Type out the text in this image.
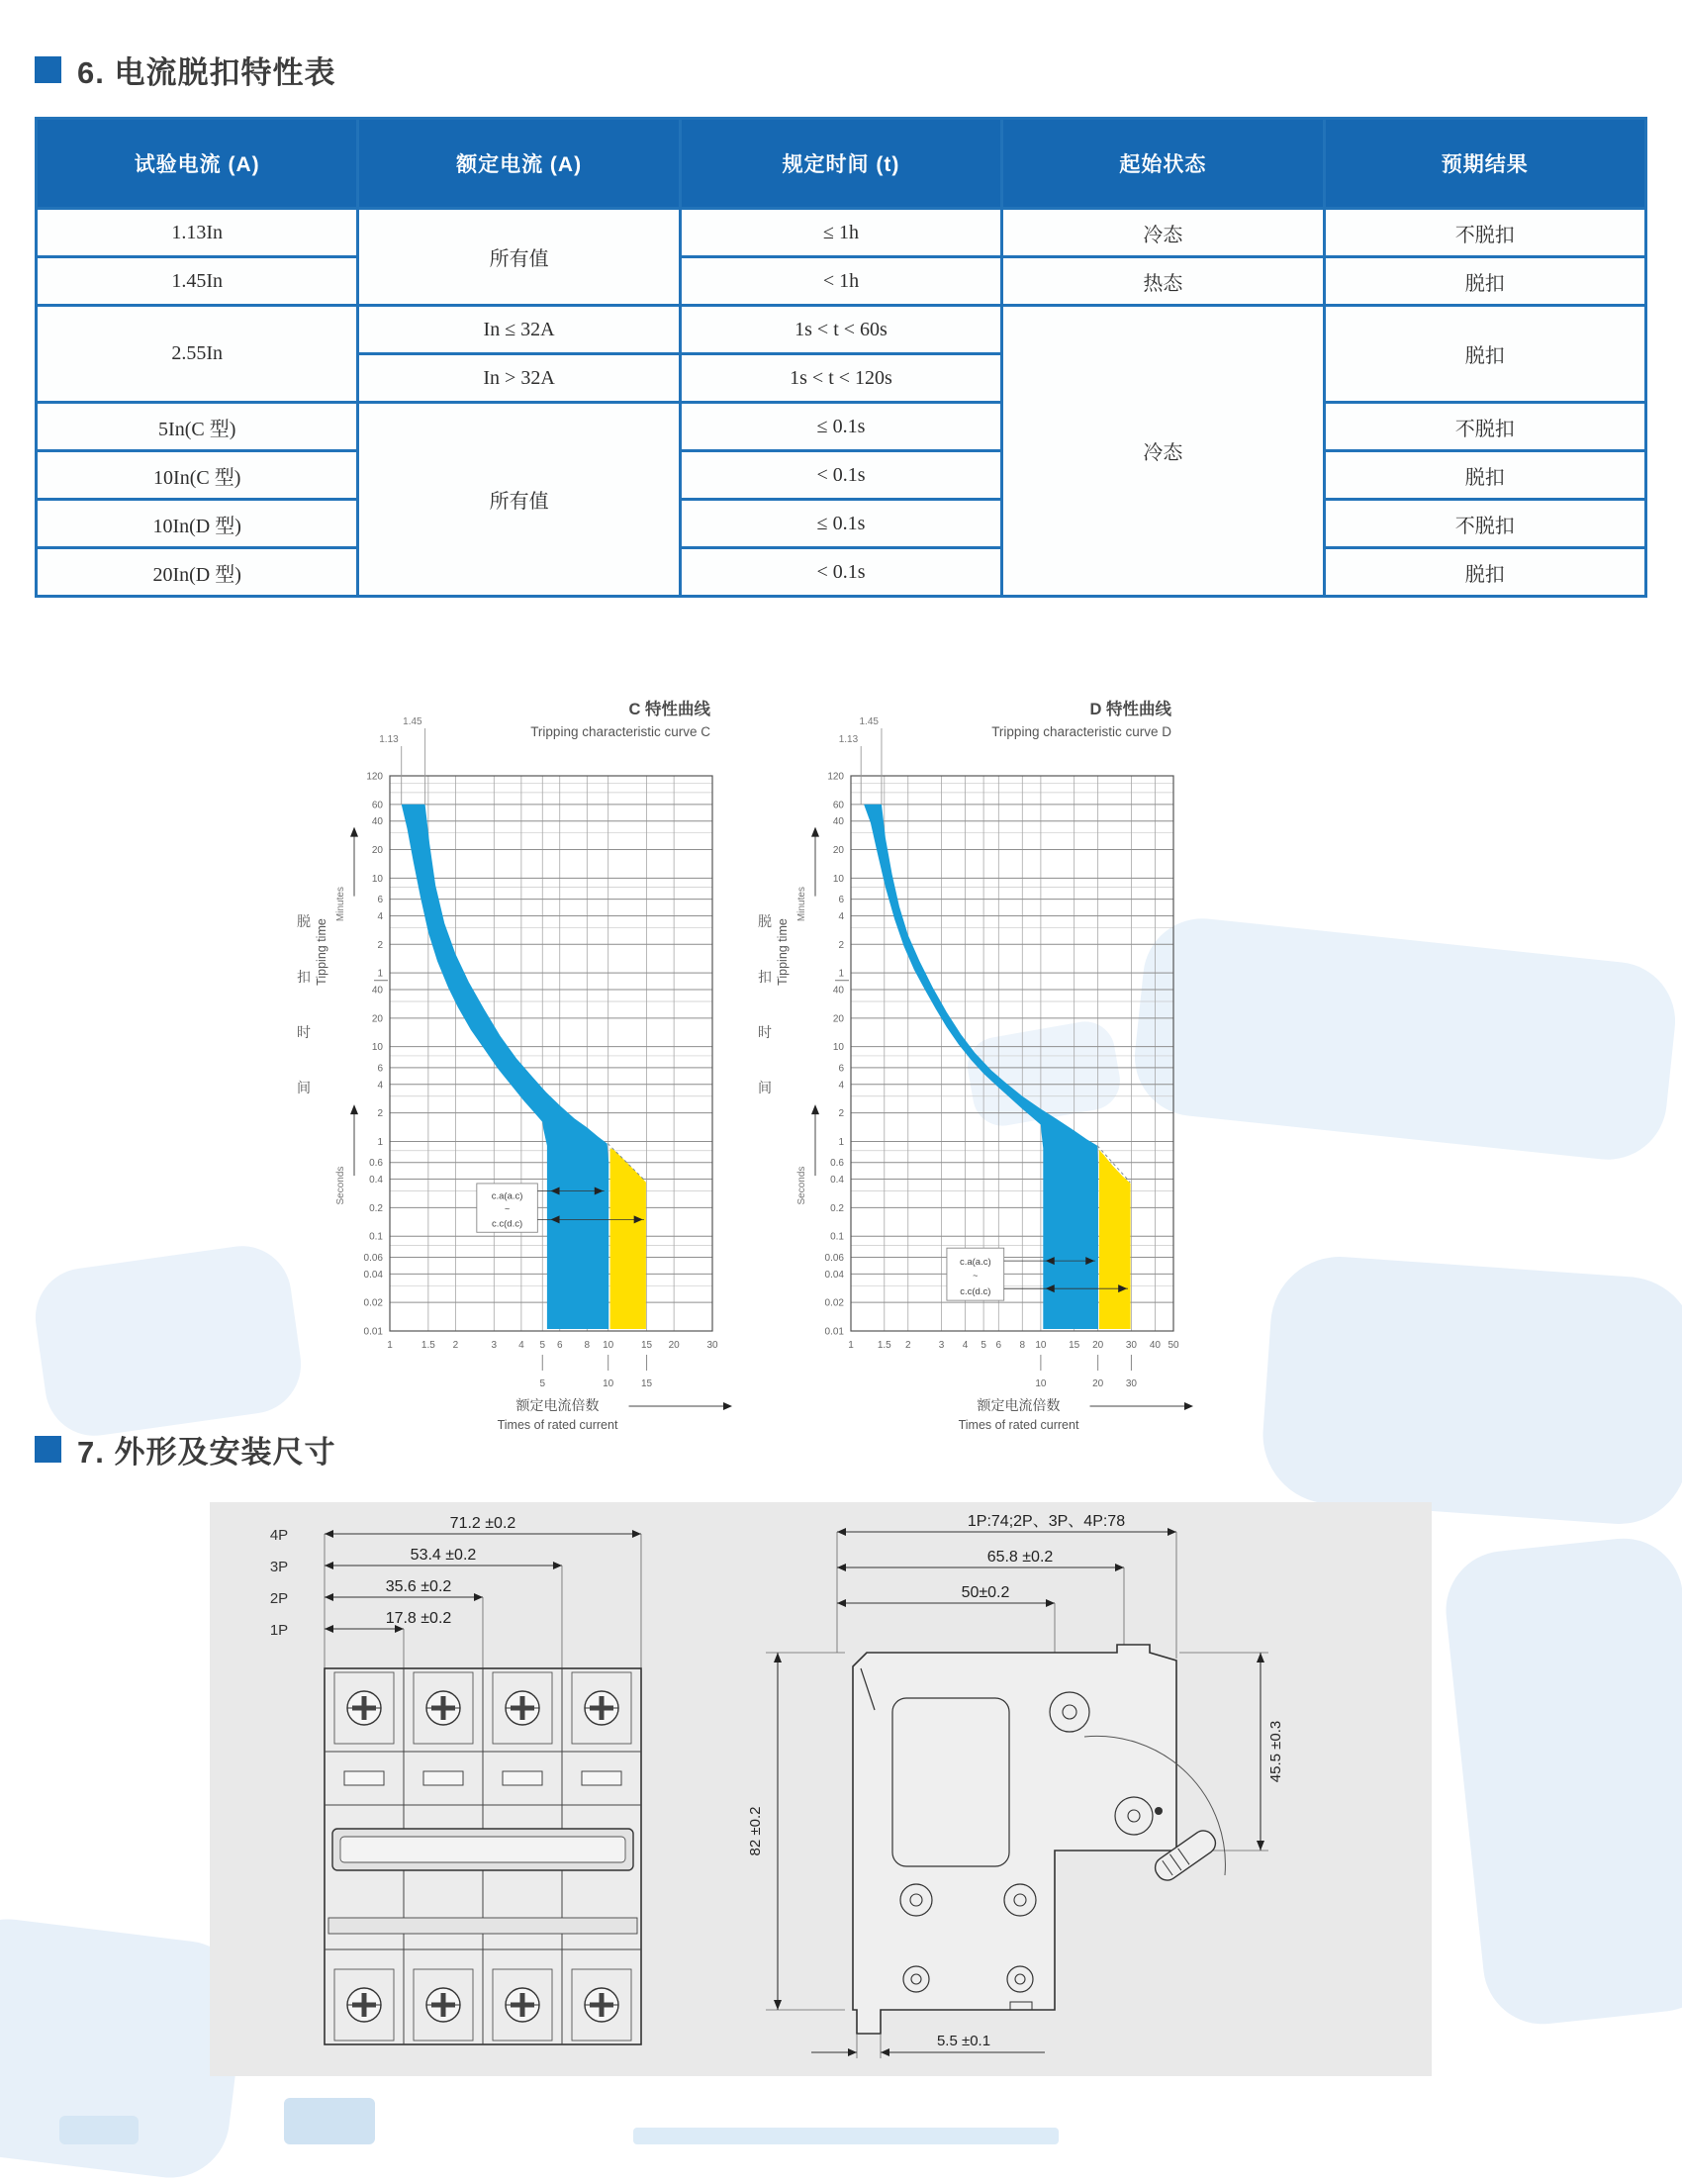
6. 电流脱扣特性表
试验电流 (A)	额定电流 (A)	规定时间 (t)	起始状态	预期结果
1.13In	所有值	≤ 1h	冷态	不脱扣
1.45In		< 1h	热态	脱扣
2.55In	In ≤ 32A	1s < t < 60s	冷态	脱扣
	In > 32A	1s < t < 120s		
5In(C 型)	所有值	≤ 0.1s		不脱扣
10In(C 型)		< 0.1s		脱扣
10In(D 型)		≤ 0.1s		不脱扣
20In(D 型)		< 0.1s		脱扣
1	1.5 2	3 4 5 6 8 10	15 20	30
120
60
40
20
10
6
4
2
1
40
20
10
6
4
2
1
0.6
0.4
0.2
0.1
0.06
0.04
0.02
0.01
1.13
1.45
C 特性曲线
Tripping characteristic curve C
脱
扣
时
间
Tipping time
Minutes
Seconds	c.a(a.c)
~
c.c(d.c)
5	10	15
额定电流倍数
Times of rated current
1 1.5 2	3 4 5 6 8 10 15 20 30 40 50
120
60
40
20
10
6
4
2
1
40
20
10
6
4
2
1
0.6
0.4
0.2
0.1
0.06
0.04
0.02
0.01
1.13
1.45
D 特性曲线
Tripping characteristic curve D
脱
扣
时
间
Tipping time
Minutes
Seconds
c.a(a.c)
~
c.c(d.c)
10	20 30
额定电流倍数
Times of rated current
7. 外形及安装尺寸
4P
71.2 ±0.2
3P
53.4 ±0.2
2P
35.6 ±0.2
1P
17.8 ±0.2
1P:74;2P、3P、4P:78
65.8 ±0.2
50±0.2
82 ±0.2
45.5 ±0.3
5.5 ±0.1
